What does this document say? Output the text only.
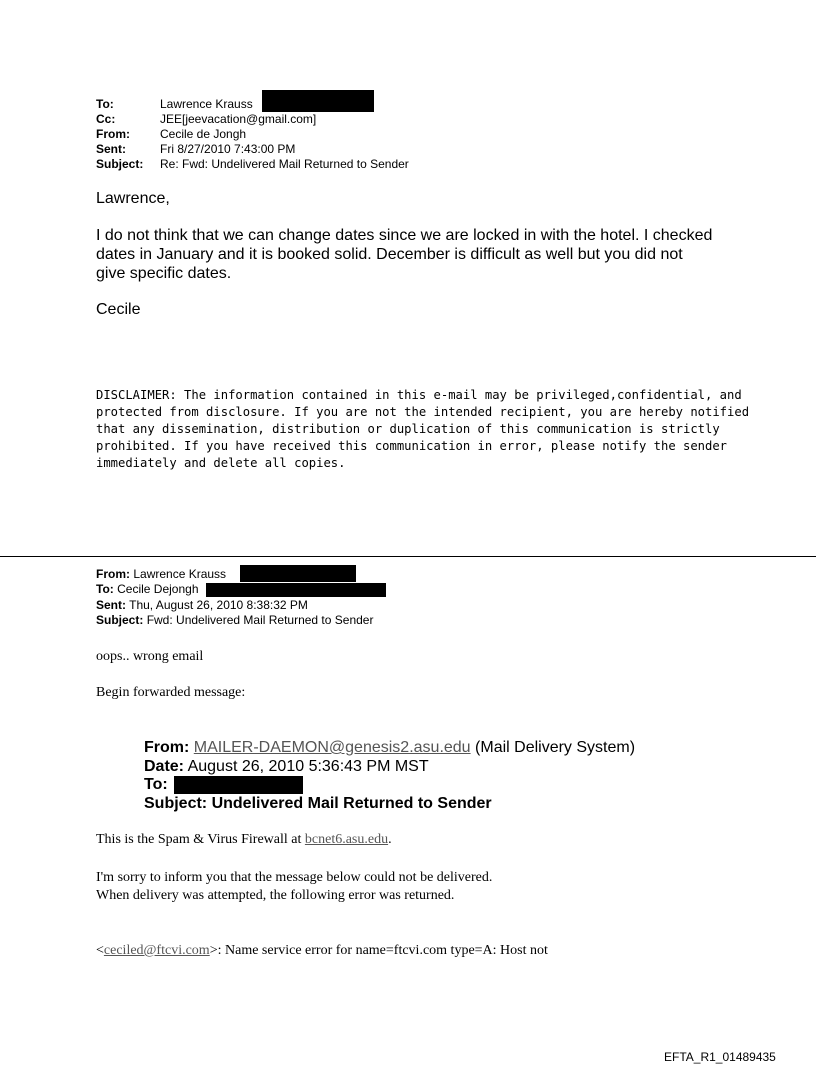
To:	Lawrence Krauss
Cc:	JEE[jeevacation@gmail.com]
From:	Cecile de Jongh
Sent:	Fri 8/27/2010 7:43:00 PM
Subject: Re: Fwd: Undelivered Mail Returned to Sender
Lawrence,
I do not think that we can change dates since we are locked in with the hotel. I checked
dates in January and it is booked solid. December is difficult as well but you did not
give specific dates.
Cecile
DISCLAIMER: The information contained in this e-mail may be privileged,confidential, and
protected from disclosure. If you are not the intended recipient, you are hereby notified
that any dissemination, distribution or duplication of this communication is strictly
prohibited. If you have received this communication in error, please notify the sender
immediately and delete all copies.
From: Lawrence Krauss
To: Cecile Dejongh
Sent: Thu, August 26, 2010 8:38:32 PM
Subject: Fwd: Undelivered Mail Returned to Sender
oops.. wrong email
Begin forwarded message:
From: MAILER-DAEMON@genesis2.asu.edu (Mail Delivery System)
Date: August 26, 2010 5:36:43 PM MST
To:
Subject: Undelivered Mail Returned to Sender
This is the Spam & Virus Firewall at bcnet6.asu.edu.
I'm sorry to inform you that the message below could not be delivered.
When delivery was attempted, the following error was returned.
<ceciled@ftcvi.com>: Name service error for name=ftcvi.com type=A: Host not
EFTA_R1_01489435
